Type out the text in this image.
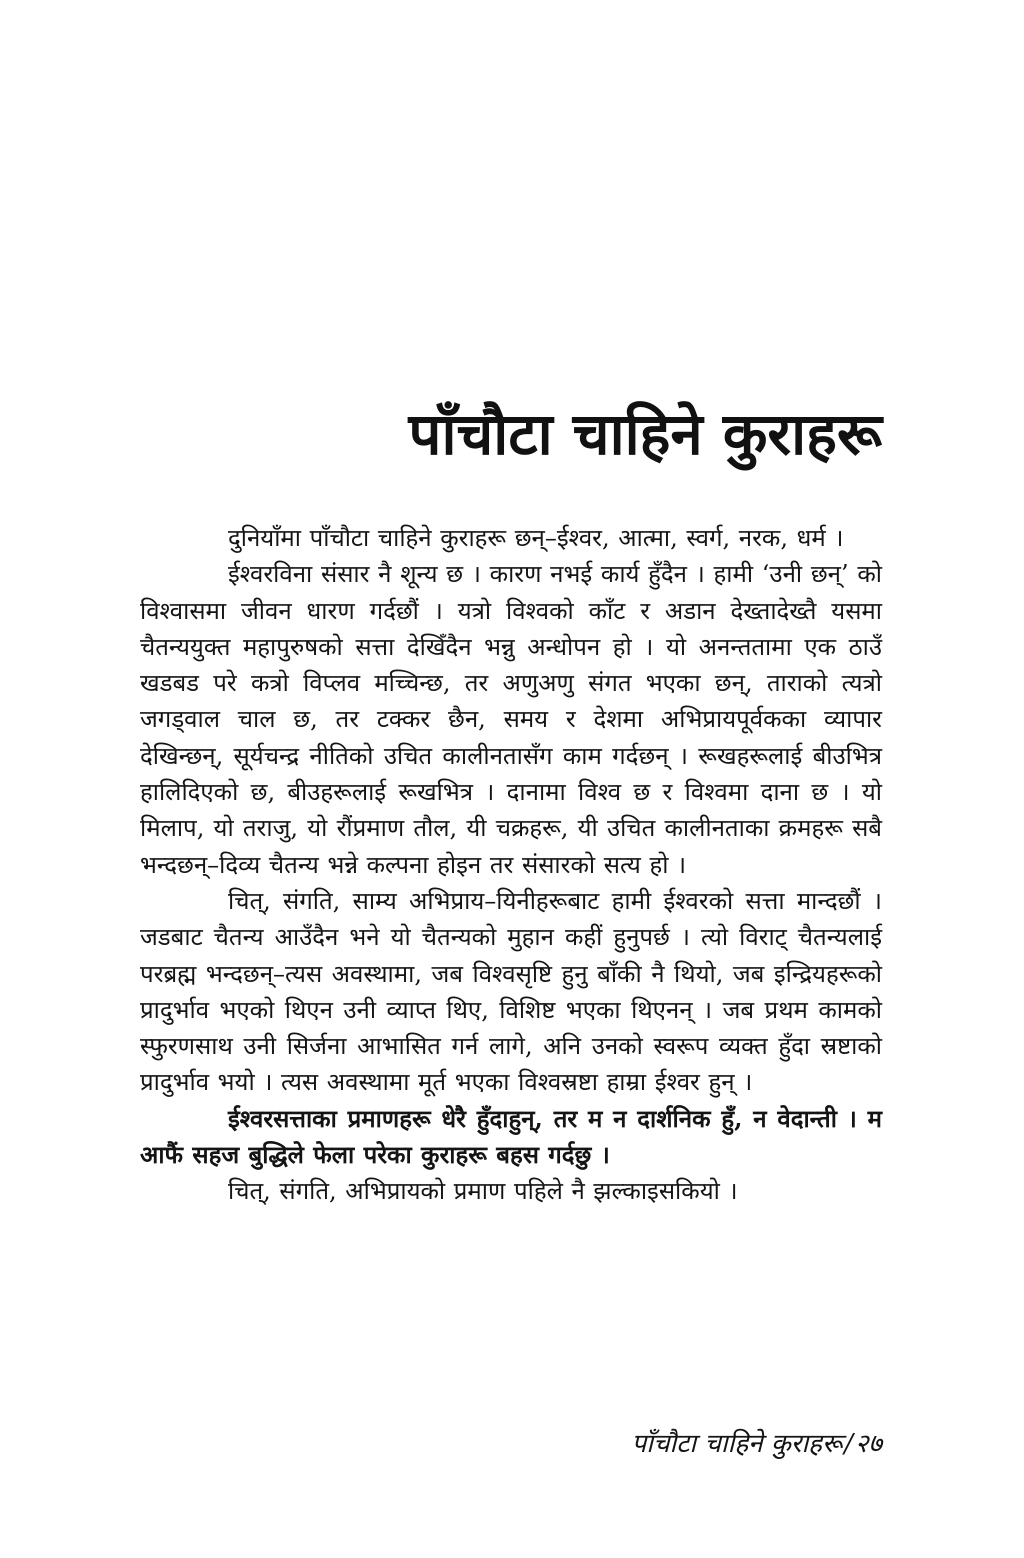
पाँचौटा चाहिने कुराहरू

दुनियाँमा पाँचौटा चाहिने कुराहरू छन्–ईश्वर, आत्मा, स्वर्ग, नरक, धर्म ।

ईश्वरविना संसार नै शून्य छ । कारण नभई कार्य हुँदैन । हामी ‘उनी छन्’ को विश्वासमा जीवन धारण गर्दछौं । यत्रो विश्वको काँट र अडान देख्तादेख्तै यसमा चैतन्ययुक्त महापुरुषको सत्ता देखिँदैन भन्नु अन्धोपन हो । यो अनन्ततामा एक ठाउँ खडबड परे कत्रो विप्लव मच्चिन्छ, तर अणुअणु संगत भएका छन्, ताराको त्यत्रो जगड्वाल चाल छ, तर टक्कर छैन, समय र देशमा अभिप्रायपूर्वकका व्यापार देखिन्छन्, सूर्यचन्द्र नीतिको उचित कालीनतासँग काम गर्दछन् । रूखहरूलाई बीउभित्र हालिदिएको छ, बीउहरूलाई रूखभित्र । दानामा विश्व छ र विश्वमा दाना छ । यो मिलाप, यो तराजु, यो रौंप्रमाण तौल, यी चक्रहरू, यी उचित कालीनताका क्रमहरू सबै भन्दछन्–दिव्य चैतन्य भन्ने कल्पना होइन तर संसारको सत्य हो ।

चित्, संगति, साम्य अभिप्राय–यिनीहरूबाट हामी ईश्वरको सत्ता मान्दछौं । जडबाट चैतन्य आउँदैन भने यो चैतन्यको मुहान कहीं हुनुपर्छ । त्यो विराट् चैतन्यलाई परब्रह्म भन्दछन्–त्यस अवस्थामा, जब विश्वसृष्टि हुनु बाँकी नै थियो, जब इन्द्रियहरूको प्रादुर्भाव भएको थिएन उनी व्याप्त थिए, विशिष्ट भएका थिएनन् । जब प्रथम कामको स्फुरणसाथ उनी सिर्जना आभासित गर्न लागे, अनि उनको स्वरूप व्यक्त हुँदा स्रष्टाको प्रादुर्भाव भयो । त्यस अवस्थामा मूर्त भएका विश्वस्रष्टा हाम्रा ईश्वर हुन् ।

ईश्वरसत्ताका प्रमाणहरू धेरै हुँदाहुन्, तर म न दार्शनिक हुँ, न वेदान्ती । म आफैं सहज बुद्धिले फेला परेका कुराहरू बहस गर्दछु ।

चित्, संगति, अभिप्रायको प्रमाण पहिले नै झल्काइसकियो ।

पाँचौटा चाहिने कुराहरू/२७
